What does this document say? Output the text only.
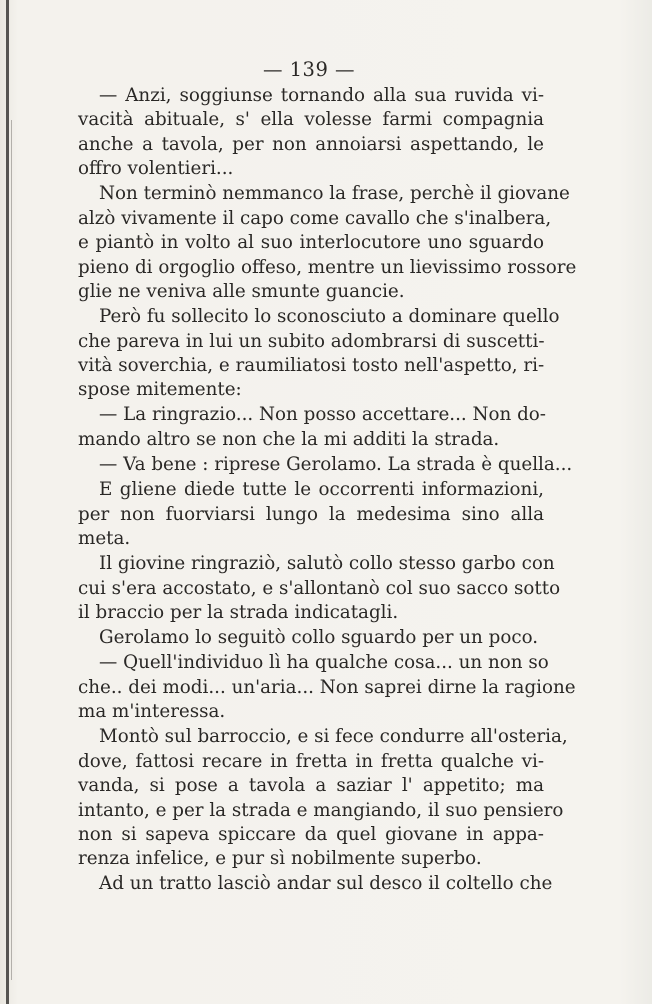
— 139 —

— Anzi, soggiunse tornando alla sua ruvida vi-
vacità abituale, s' ella volesse farmi compagnia
anche a tavola, per non annoiarsi aspettando, le
offro volentieri...

Non terminò nemmanco la frase, perchè il giovane
alzò vivamente il capo come cavallo che s'inalbera,
e piantò in volto al suo interlocutore uno sguardo
pieno di orgoglio offeso, mentre un lievissimo rossore
glie ne veniva alle smunte guancie.

Però fu sollecito lo sconosciuto a dominare quello
che pareva in lui un subito adombrarsi di suscetti-
vità soverchia, e raumiliatosi tosto nell'aspetto, ri-
spose mitemente:

— La ringrazio... Non posso accettare... Non do-
mando altro se non che la mi additi la strada.

— Va bene : riprese Gerolamo. La strada è quella...

E gliene diede tutte le occorrenti informazioni,
per non fuorviarsi lungo la medesima sino alla
meta.

Il giovine ringraziò, salutò collo stesso garbo con
cui s'era accostato, e s'allontanò col suo sacco sotto
il braccio per la strada indicatagli.

Gerolamo lo seguitò collo sguardo per un poco.

— Quell'individuo lì ha qualche cosa... un non so
che.. dei modi... un'aria... Non saprei dirne la ragione
ma m'interessa.

Montò sul barroccio, e si fece condurre all'osteria,
dove, fattosi recare in fretta in fretta qualche vi-
vanda, si pose a tavola a saziar l' appetito; ma
intanto, e per la strada e mangiando, il suo pensiero
non si sapeva spiccare da quel giovane in appa-
renza infelice, e pur sì nobilmente superbo.

Ad un tratto lasciò andar sul desco il coltello che
